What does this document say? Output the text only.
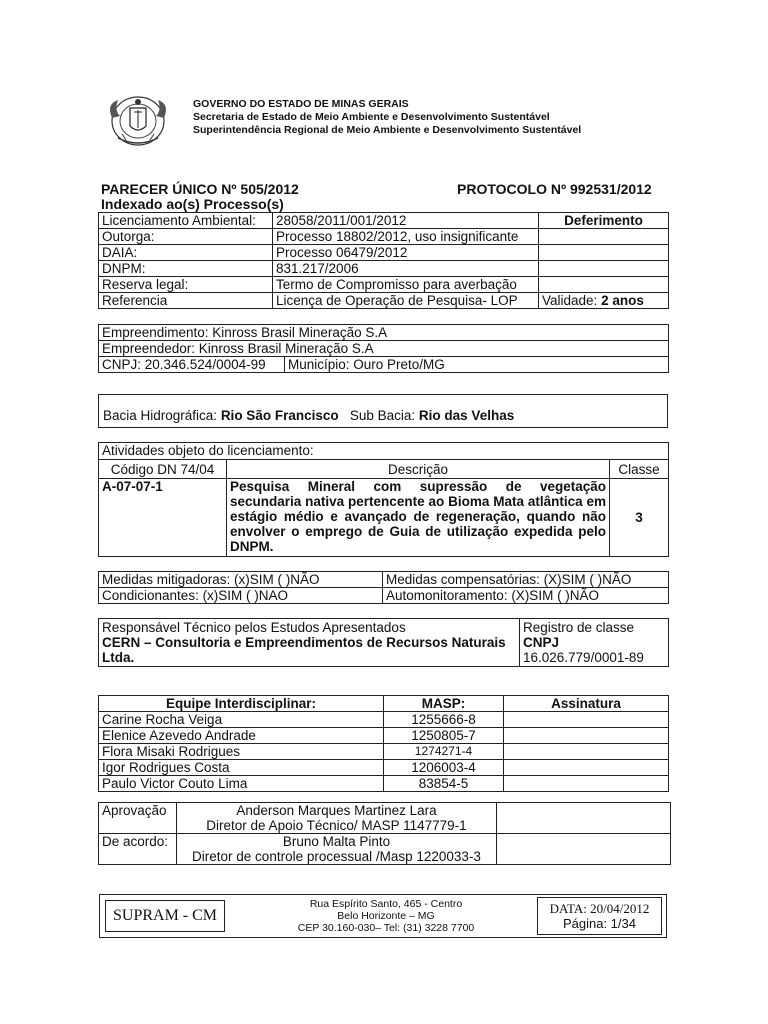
GOVERNO DO ESTADO DE MINAS GERAIS
Secretaria de Estado de Meio Ambiente e Desenvolvimento Sustentável
Superintendência Regional de Meio Ambiente e Desenvolvimento Sustentável
PARECER ÚNICO Nº 505/2012	PROTOCOLO Nº 992531/2012
Indexado ao(s) Processo(s)
Licenciamento Ambiental:	28058/2011/001/2012	Deferimento
Outorga:	Processo 18802/2012, uso insignificante	
DAIA:	Processo 06479/2012	
DNPM:	831.217/2006	
Reserva legal:	Termo de Compromisso para averbação	
Referencia	Licença de Operação de Pesquisa- LOP	Validade: 2 anos
Empreendimento: Kinross Brasil Mineração S.A
Empreendedor: Kinross Brasil Mineração S.A
CNPJ: 20.346.524/0004-99	Município: Ouro Preto/MG
Bacia Hidrográfica: Rio São Francisco Sub Bacia: Rio das Velhas
Atividades objeto do licenciamento:		
Código DN 74/04	Descrição	Classe
A-07-07-1	Pesquisa Mineral com supressão de vegetação secundaria nativa pertencente ao Bioma Mata atlântica em estágio médio e avançado de regeneração, quando não envolver o emprego de Guia de utilização expedida pelo DNPM.	3
Medidas mitigadoras: (x)SIM ( )NÃO	Medidas compensatórias: (X)SIM ( )NÃO
Condicionantes: (x)SIM ( )NAO	Automonitoramento: (X)SIM ( )NÃO
Responsável Técnico pelos Estudos Apresentados
CERN – Consultoria e Empreendimentos de Recursos Naturais Ltda.

Registro de classe
CNPJ
16.026.779/0001-89
Equipe Interdisciplinar:	MASP:	Assinatura
Carine Rocha Veiga	1255666-8	
Elenice Azevedo Andrade	1250805-7	
Flora Misaki Rodrigues	1274271-4	
Igor Rodrigues Costa	1206003-4	
Paulo Victor Couto Lima	83854-5	
Aprovação	Anderson Marques Martinez Lara
Diretor de Apoio Técnico/ MASP 1147779-1	

De acordo:	Bruno Malta Pinto
Diretor de controle processual /Masp 1220033-3	

SUPRAM - CM
Rua Espírito Santo, 465 - Centro
Belo Horizonte – MG
CEP 30.160-030– Tel: (31) 3228 7700
DATA: 20/04/2012
Página: 1/34
